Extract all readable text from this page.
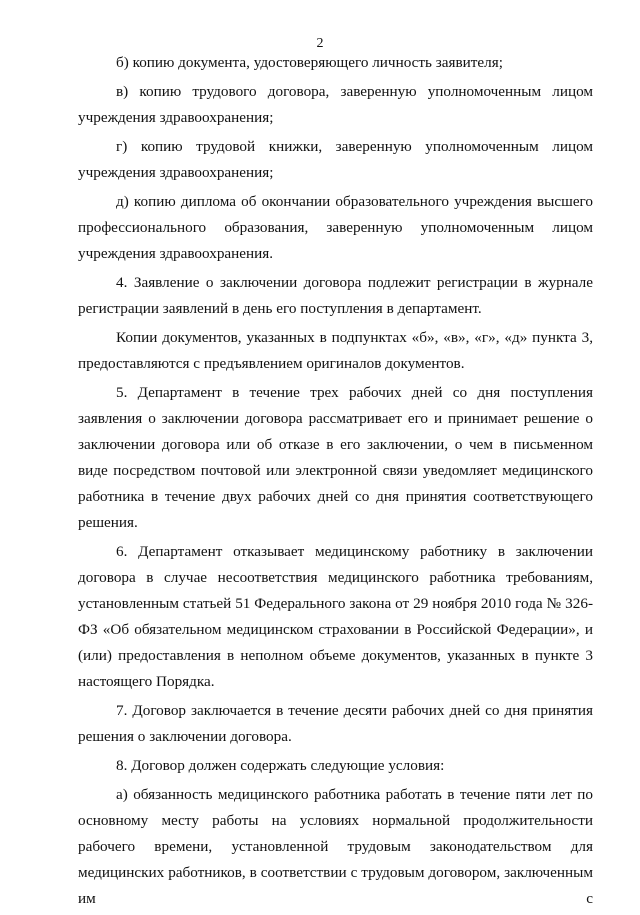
2

б) копию документа, удостоверяющего личность заявителя;

в) копию трудового договора, заверенную уполномоченным лицом учреждения здравоохранения;

г) копию трудовой книжки, заверенную уполномоченным лицом учреждения здравоохранения;

д) копию диплома об окончании образовательного учреждения высшего профессионального образования, заверенную уполномоченным лицом учреждения здравоохранения.

4. Заявление о заключении договора подлежит регистрации в журнале регистрации заявлений в день его поступления в департамент.

Копии документов, указанных в подпунктах «б», «в», «г», «д» пункта 3, предоставляются с предъявлением оригиналов документов.

5. Департамент в течение трех рабочих дней со дня поступления заявления о заключении договора рассматривает его и принимает решение о заключении договора или об отказе в его заключении, о чем в письменном виде посредством почтовой или электронной связи уведомляет медицинского работника в течение двух рабочих дней со дня принятия соответствующего решения.

6. Департамент отказывает медицинскому работнику в заключении договора в случае несоответствия медицинского работника требованиям, установленным статьей 51 Федерального закона от 29 ноября 2010 года № 326-ФЗ «Об обязательном медицинском страховании в Российской Федерации», и (или) предоставления в неполном объеме документов, указанных в пункте 3 настоящего Порядка.

7. Договор заключается в течение десяти рабочих дней со дня принятия решения о заключении договора.

8. Договор должен содержать следующие условия:

а) обязанность медицинского работника работать в течение пяти лет по основному месту работы на условиях нормальной продолжительности рабочего времени, установленной трудовым законодательством для медицинских работников, в соответствии с трудовым договором, заключенным им с
